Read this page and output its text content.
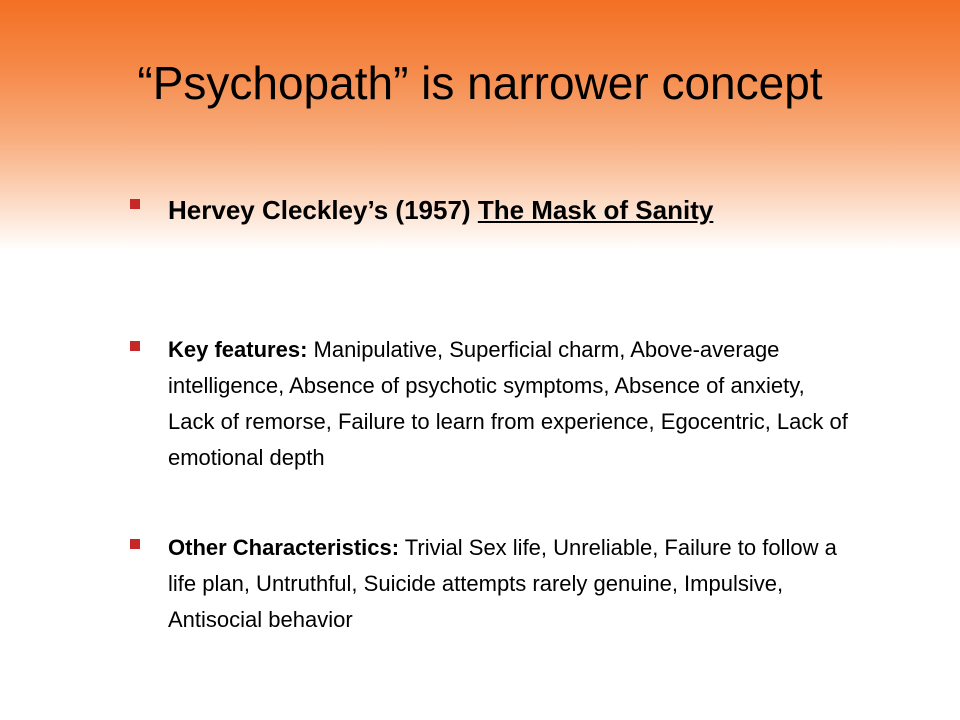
“Psychopath” is narrower concept
Hervey Cleckley’s (1957) The Mask of Sanity
Key features: Manipulative, Superficial charm, Above-average intelligence, Absence of psychotic symptoms, Absence of anxiety, Lack of remorse, Failure to learn from experience, Egocentric, Lack of emotional depth
Other Characteristics: Trivial Sex life, Unreliable, Failure to follow a life plan, Untruthful, Suicide attempts rarely genuine, Impulsive, Antisocial behavior
